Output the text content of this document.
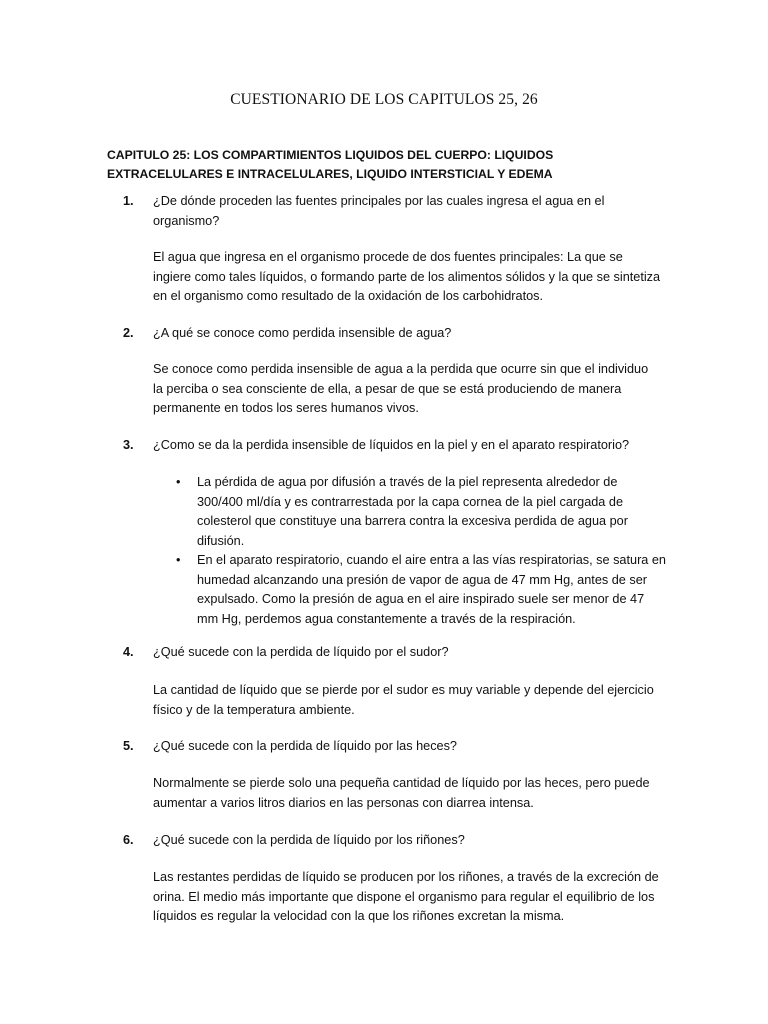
CUESTIONARIO DE LOS CAPITULOS 25, 26
CAPITULO 25: LOS COMPARTIMIENTOS LIQUIDOS DEL CUERPO: LIQUIDOS EXTRACELULARES E INTRACELULARES, LIQUIDO INTERSTICIAL Y EDEMA
1. ¿De dónde proceden las fuentes principales por las cuales ingresa el agua en el organismo?
El agua que ingresa en el organismo procede de dos fuentes principales: La que se ingiere como tales líquidos, o formando parte de los alimentos sólidos y la que se sintetiza en el organismo como resultado de la oxidación de los carbohidratos.
2. ¿A qué se conoce como perdida insensible de agua?
Se conoce como perdida insensible de agua a la perdida que ocurre sin que el individuo la perciba o sea consciente de ella, a pesar de que se está produciendo de manera permanente en todos los seres humanos vivos.
3. ¿Como se da la perdida insensible de líquidos en la piel y en el aparato respiratorio?
• La pérdida de agua por difusión a través de la piel representa alrededor de 300/400 ml/día y es contrarrestada por la capa cornea de la piel cargada de colesterol que constituye una barrera contra la excesiva perdida de agua por difusión.
• En el aparato respiratorio, cuando el aire entra a las vías respiratorias, se satura en humedad alcanzando una presión de vapor de agua de 47 mm Hg, antes de ser expulsado. Como la presión de agua en el aire inspirado suele ser menor de 47 mm Hg, perdemos agua constantemente a través de la respiración.
4. ¿Qué sucede con la perdida de líquido por el sudor?
La cantidad de líquido que se pierde por el sudor es muy variable y depende del ejercicio físico y de la temperatura ambiente.
5. ¿Qué sucede con la perdida de líquido por las heces?
Normalmente se pierde solo una pequeña cantidad de líquido por las heces, pero puede aumentar a varios litros diarios en las personas con diarrea intensa.
6. ¿Qué sucede con la perdida de líquido por los riñones?
Las restantes perdidas de líquido se producen por los riñones, a través de la excreción de orina. El medio más importante que dispone el organismo para regular el equilibrio de los líquidos es regular la velocidad con la que los riñones excretan la misma.
